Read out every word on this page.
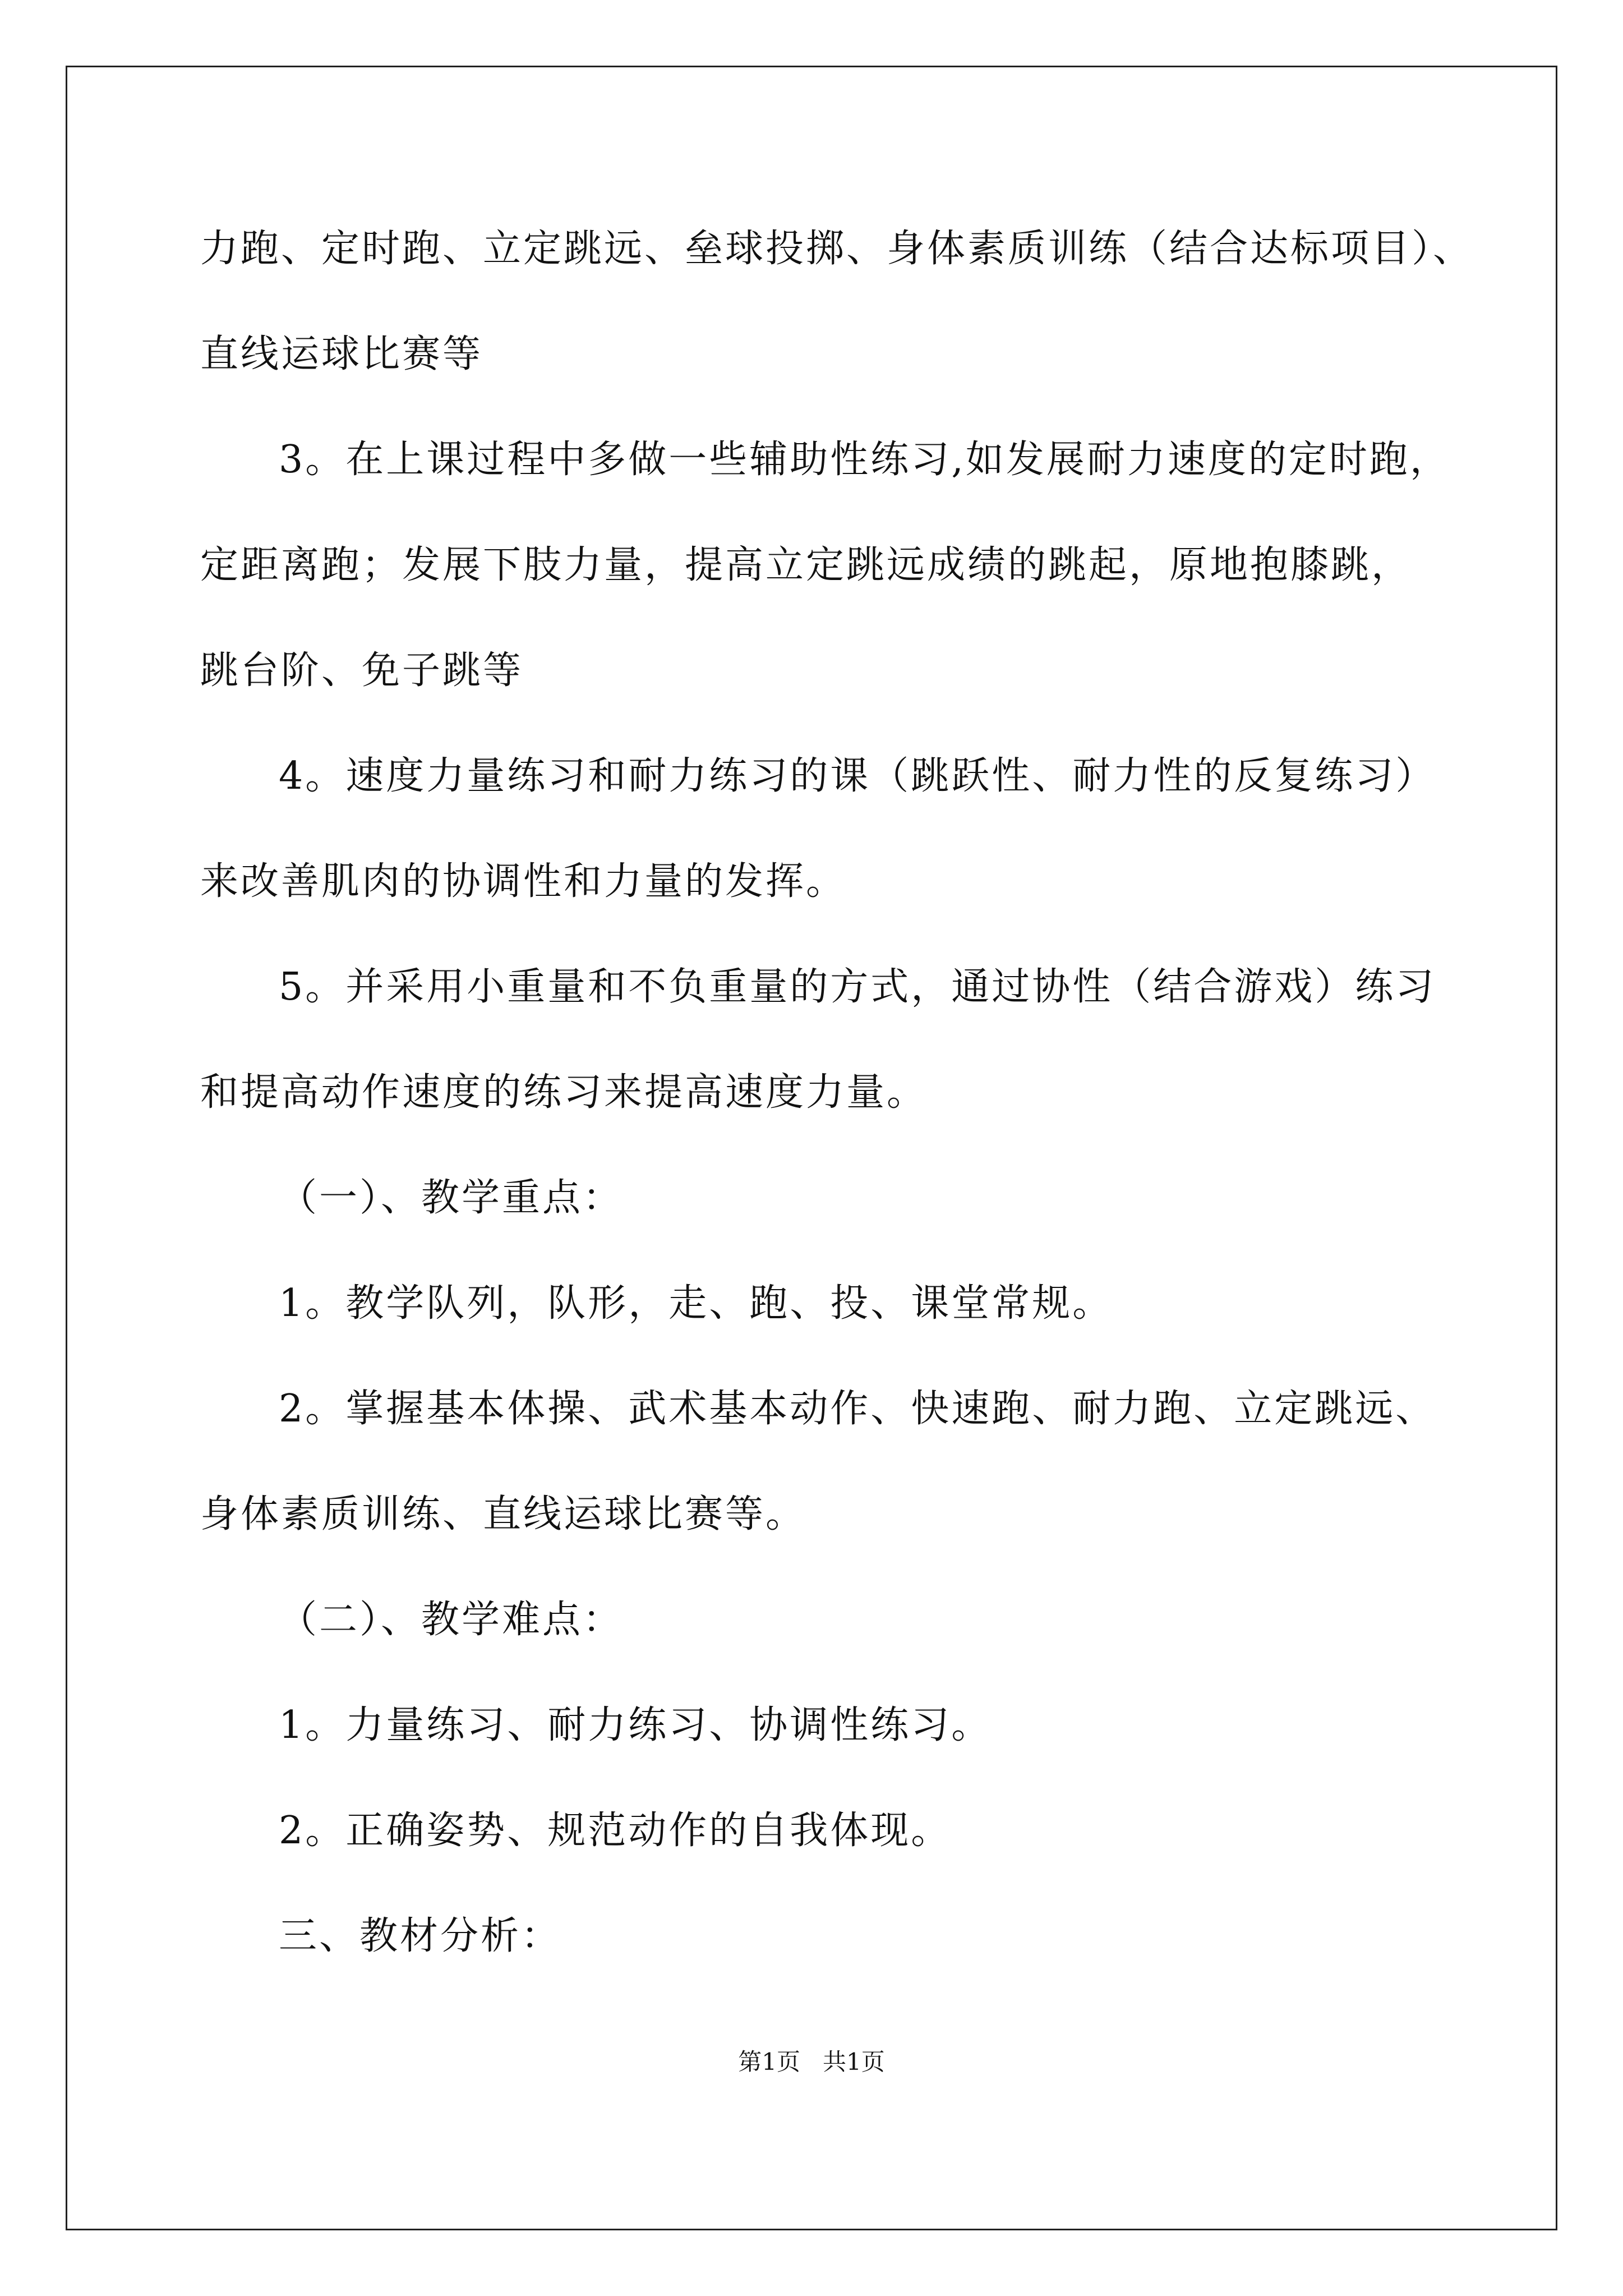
力跑、定时跑、立定跳远、垒球投掷、身体素质训练（结合达标项目）、
直线运球比赛等
3。在上课过程中多做一些辅助性练习,如发展耐力速度的定时跑，
定距离跑；发展下肢力量，提高立定跳远成绩的跳起，原地抱膝跳，
跳台阶、免子跳等
4。速度力量练习和耐力练习的课（跳跃性、耐力性的反复练习）
来改善肌肉的协调性和力量的发挥。
5。并采用小重量和不负重量的方式，通过协性（结合游戏）练习
和提高动作速度的练习来提高速度力量。
（一）、教学重点：
1。教学队列，队形，走、跑、投、课堂常规。
2。掌握基本体操、武术基本动作、快速跑、耐力跑、立定跳远、
身体素质训练、直线运球比赛等。
（二）、教学难点：
1。力量练习、耐力练习、协调性练习。
2。正确姿势、规范动作的自我体现。
三、教材分析：
第1页   共1页
